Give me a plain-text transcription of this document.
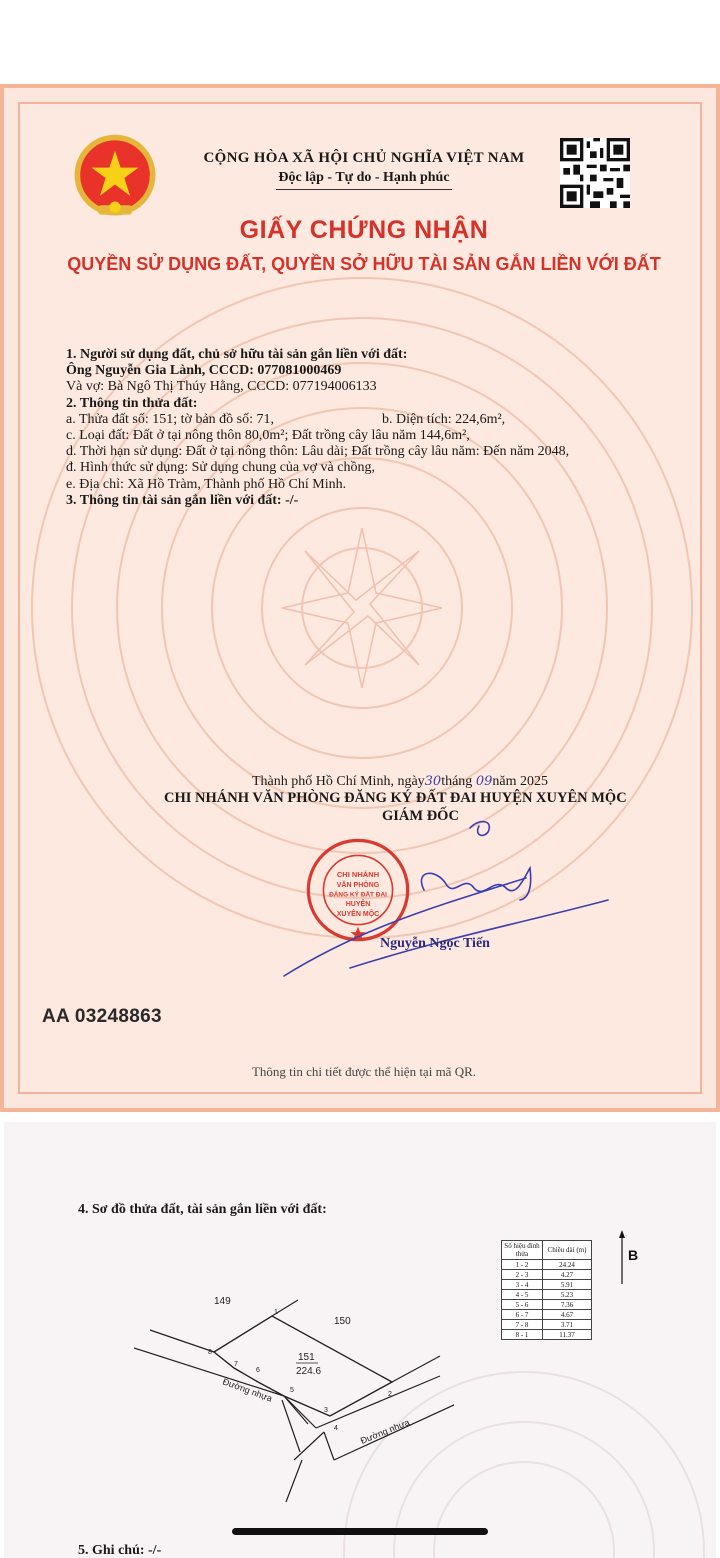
CỘNG HÒA XÃ HỘI CHỦ NGHĨA VIỆT NAM
Độc lập - Tự do - Hạnh phúc
GIẤY CHỨNG NHẬN
QUYỀN SỬ DỤNG ĐẤT, QUYỀN SỞ HỮU TÀI SẢN GẮN LIỀN VỚI ĐẤT
1. Người sử dụng đất, chủ sở hữu tài sản gắn liền với đất:
Ông Nguyễn Gia Lành, CCCD: 077081000469
Và vợ: Bà Ngô Thị Thúy Hằng, CCCD: 077194006133
2. Thông tin thửa đất:
a. Thửa đất số: 151; tờ bản đồ số: 71,	b. Diện tích: 224,6m²,
c. Loại đất: Đất ở tại nông thôn 80,0m²; Đất trồng cây lâu năm 144,6m²,
d. Thời hạn sử dụng: Đất ở tại nông thôn: Lâu dài; Đất trồng cây lâu năm: Đến năm 2048,
đ. Hình thức sử dụng: Sử dụng chung của vợ và chồng,
e. Địa chỉ: Xã Hồ Tràm, Thành phố Hồ Chí Minh.
3. Thông tin tài sản gắn liền với đất: -/-
Thành phố Hồ Chí Minh, ngày30tháng 09năm 2025
CHI NHÁNH VĂN PHÒNG ĐĂNG KÝ ĐẤT ĐAI HUYỆN XUYÊN MỘC
GIÁM ĐỐC
CHI NHÁNH
VĂN PHÒNG
ĐĂNG KÝ ĐẤT ĐAI
HUYỆN
XUYÊN MỘC
Nguyễn Ngọc Tiến
AA 03248863
Thông tin chi tiết được thể hiện tại mã QR.
4. Sơ đồ thửa đất, tài sản gắn liền với đất:
Số hiệu đỉnh thửa	Chiều dài (m)
1 - 2	24.24
2 - 3	4.27
3 - 4	5.91
4 - 5	5.23
5 - 6	7.36
6 - 7	4.67
7 - 8	3.71
8 - 1	11.37
B
149
150
151
224.6
Đường nhựa
Đường nhựa
1
2
3
4
5
6
7
8
5. Ghi chú: -/-
